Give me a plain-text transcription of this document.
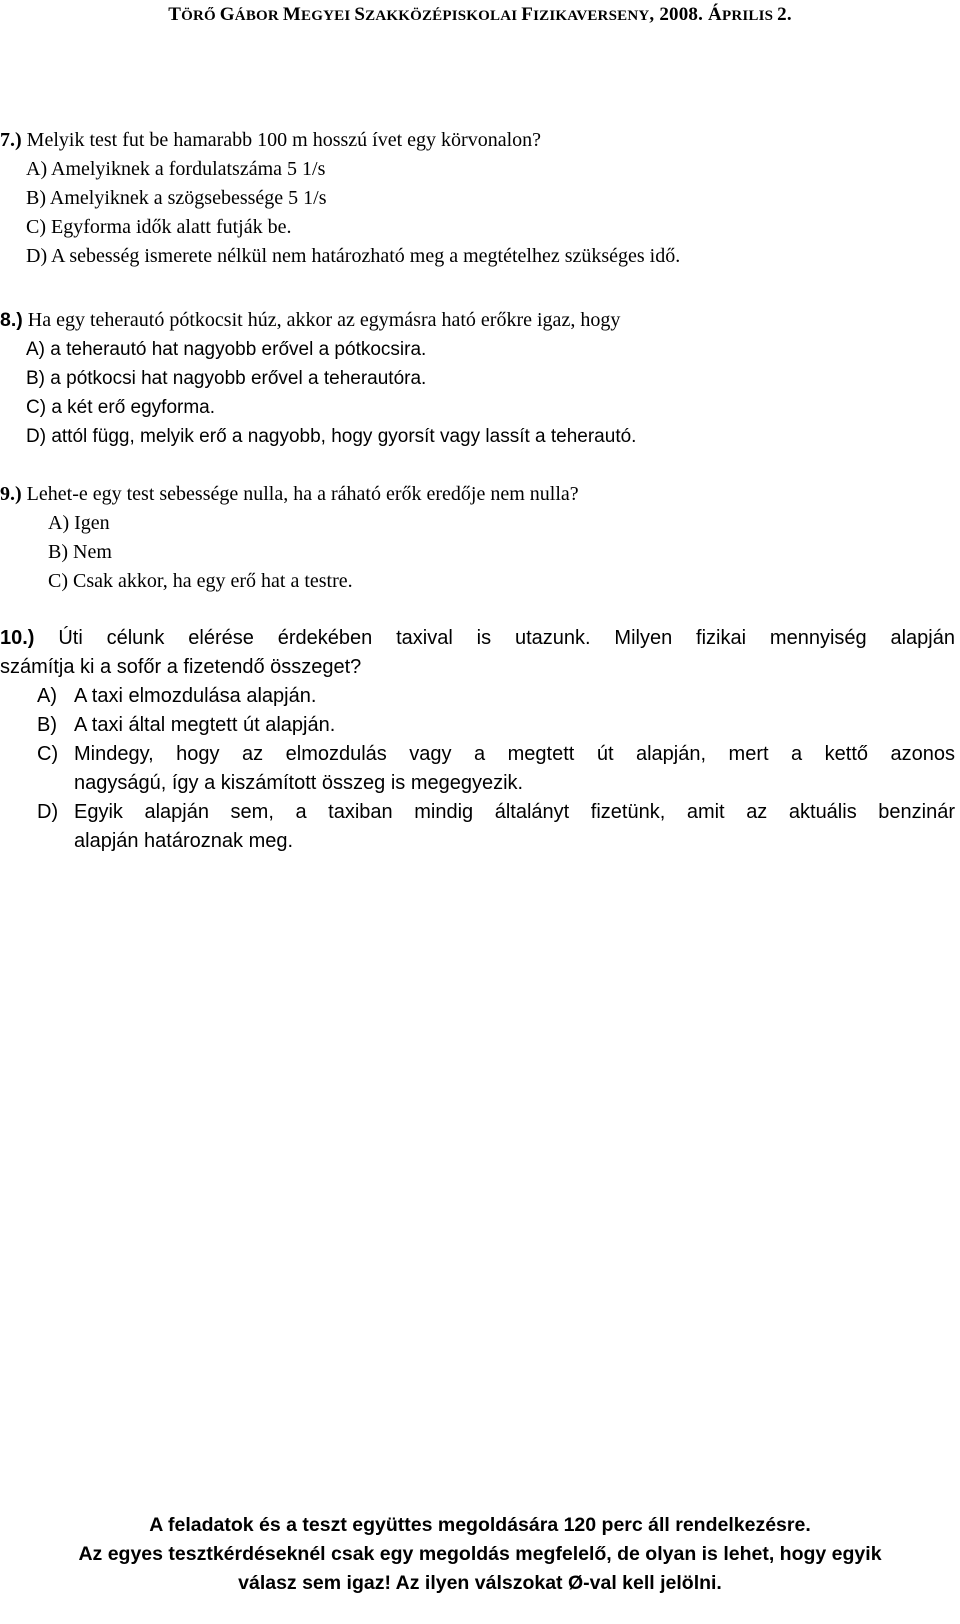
TÖRŐ GÁBOR MEGYEI SZAKKÖZÉPISKOLAI FIZIKAVERSENY, 2008. ÁPRILIS 2.
7.) Melyik test fut be hamarabb 100 m hosszú ívet egy körvonalon?
A) Amelyiknek a fordulatszáma 5 1/s
B) Amelyiknek a szögsebessége 5 1/s
C) Egyforma idők alatt futják be.
D) A sebesség ismerete nélkül nem határozható meg a megtételhez szükséges idő.
8.) Ha egy teherautó pótkocsit húz, akkor az egymásra ható erőkre igaz, hogy
A) a teherautó hat nagyobb erővel a pótkocsira.
B) a pótkocsi hat nagyobb erővel a teherautóra.
C) a két erő egyforma.
D) attól függ, melyik erő a nagyobb, hogy gyorsít vagy lassít a teherautó.
9.) Lehet-e egy test sebessége nulla, ha a ráható erők eredője nem nulla?
A) Igen
B) Nem
C) Csak akkor, ha egy erő hat a testre.
10.) Úti célunk elérése érdekében taxival is utazunk. Milyen fizikai mennyiség alapján
számítja ki a sofőr a fizetendő összeget?
A) A taxi elmozdulása alapján.
B) A taxi által megtett út alapján.
C) Mindegy, hogy az elmozdulás vagy a megtett út alapján, mert a kettő azonos
nagyságú, így a kiszámított összeg is megegyezik.
D) Egyik alapján sem, a taxiban mindig általányt fizetünk, amit az aktuális benzinár
alapján határoznak meg.
A feladatok és a teszt együttes megoldására 120 perc áll rendelkezésre.
Az egyes tesztkérdéseknél csak egy megoldás megfelelő, de olyan is lehet, hogy egyik
válasz sem igaz! Az ilyen válszokat Ø-val kell jelölni.
